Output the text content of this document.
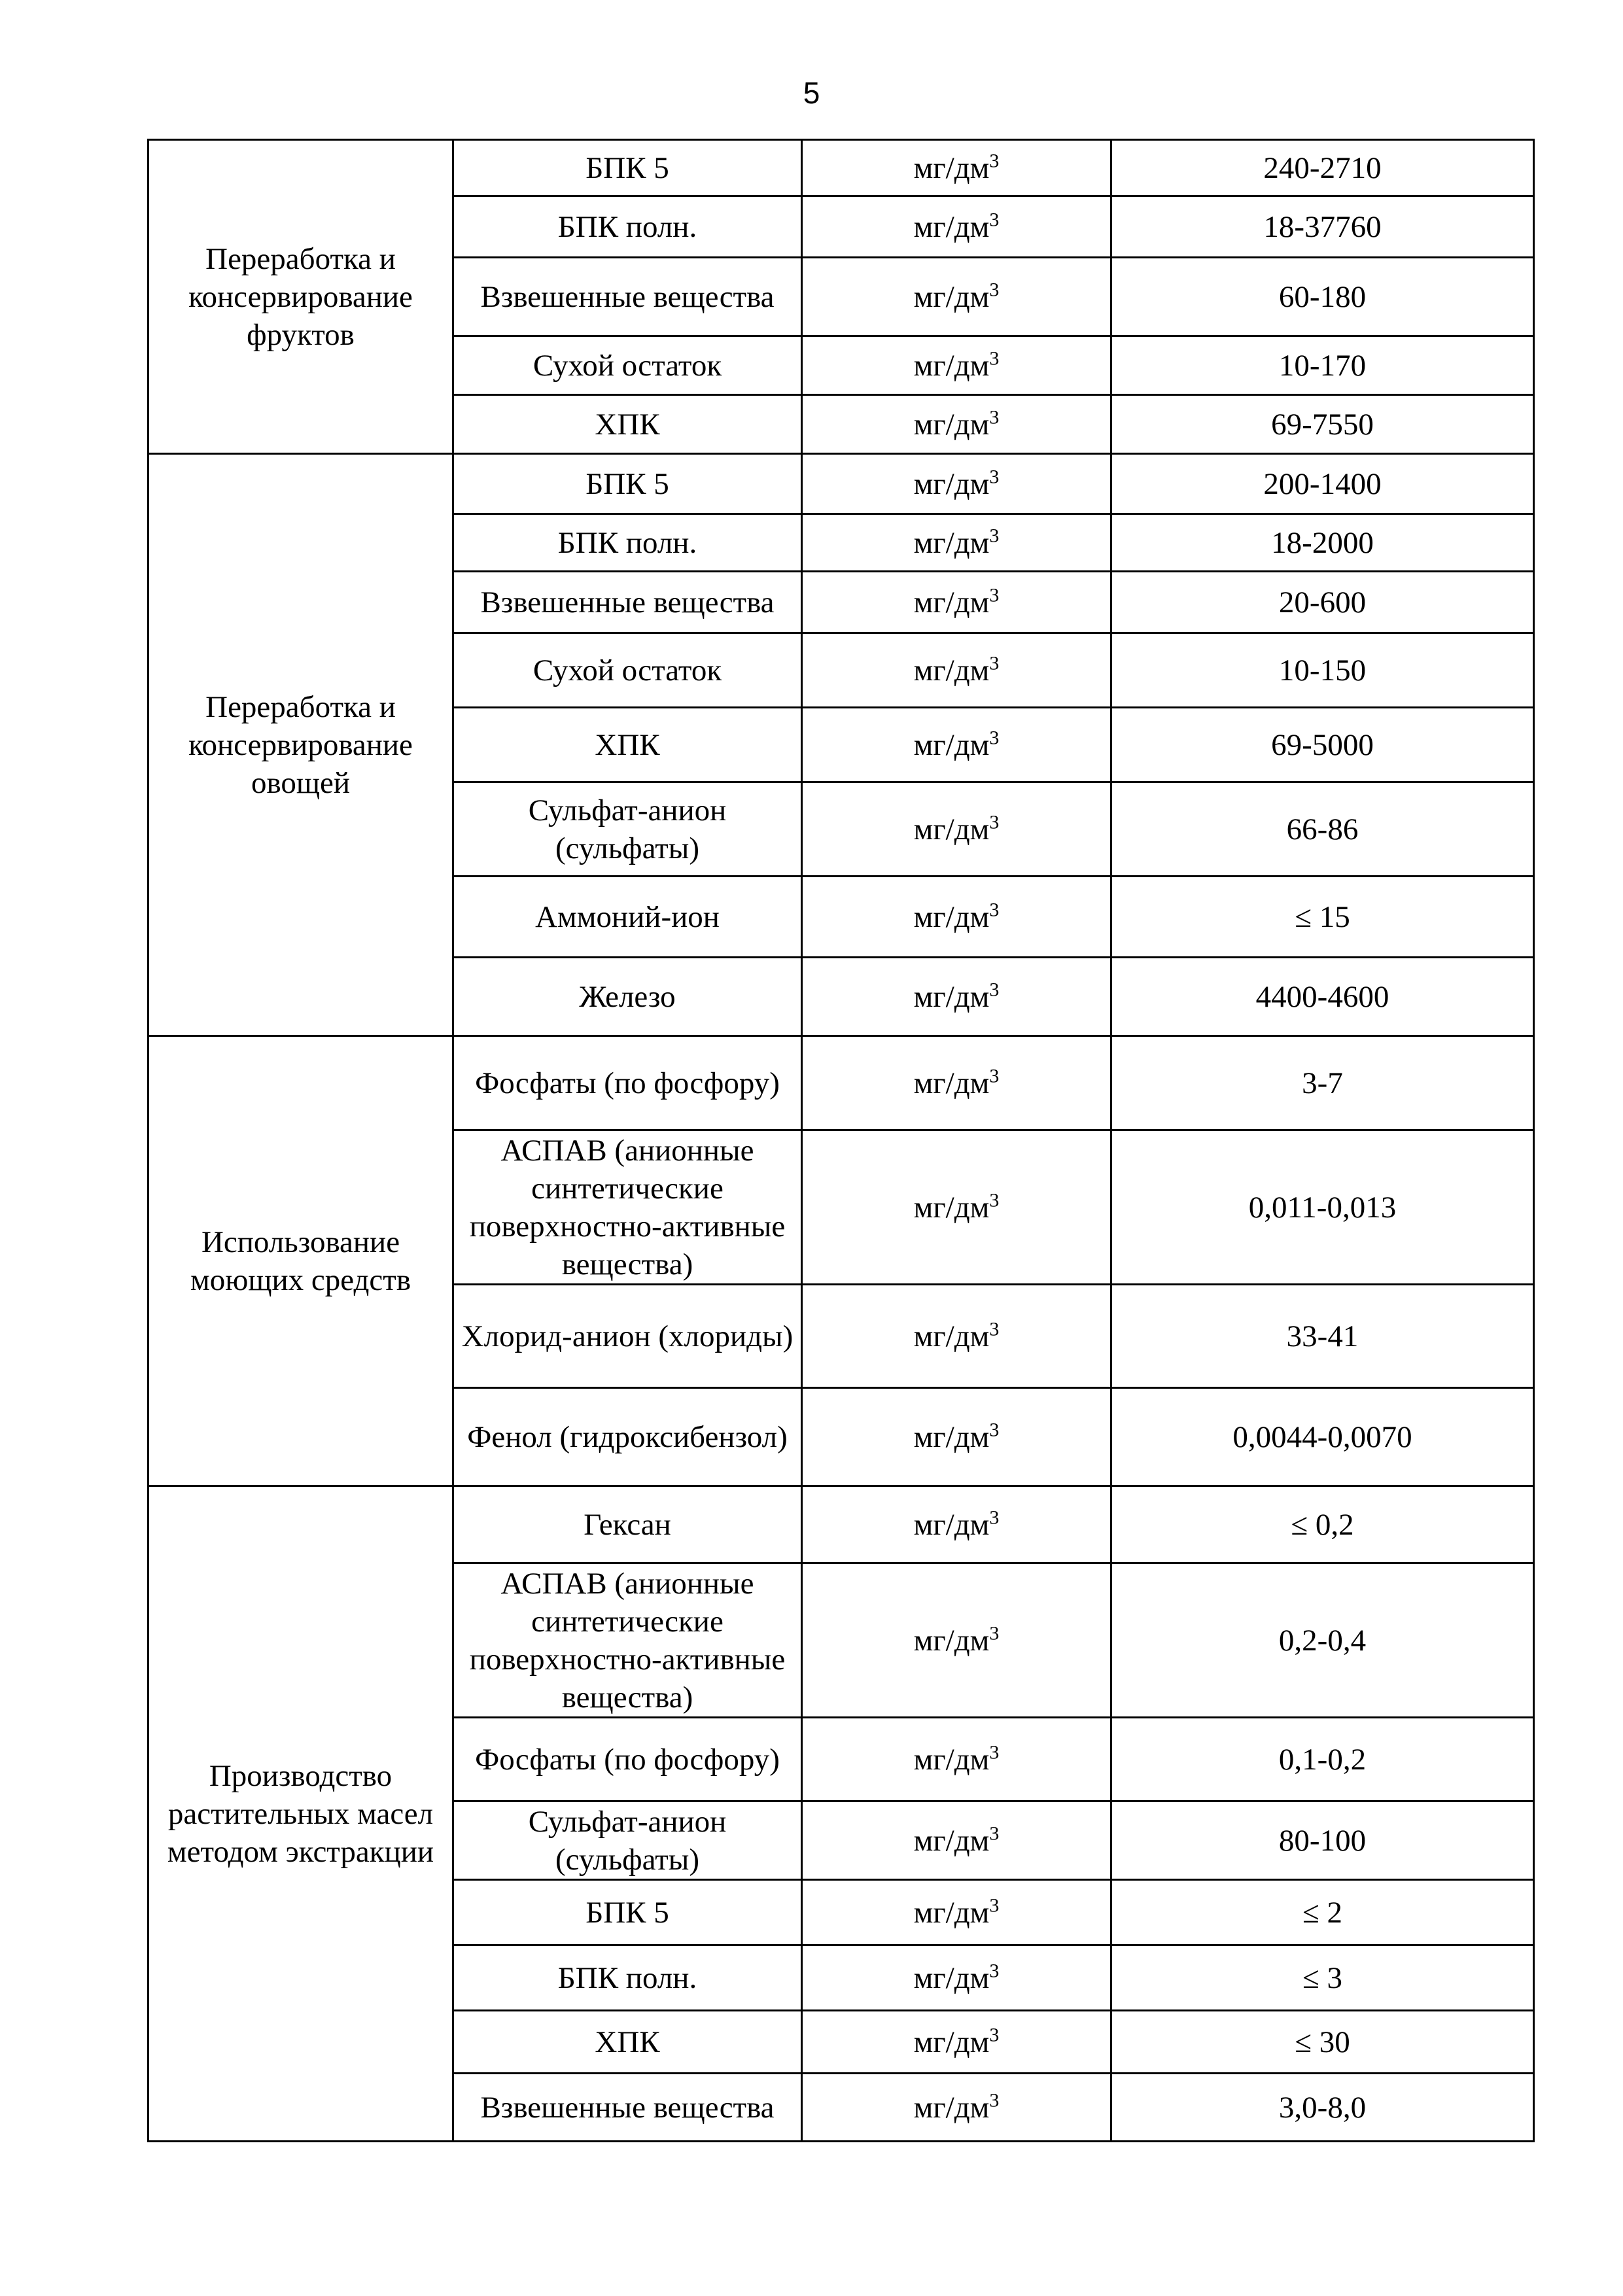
5
Переработка и консервирование фруктов	БПК 5	$мг/дм^3$	240-2710
	БПК полн.	$мг/дм^3$	18-37760
	Взвешенные вещества	$мг/дм^3$	60-180
	Сухой остаток	$мг/дм^3$	10-170
	ХПК	$мг/дм^3$	69-7550
Переработка и консервирование овощей	БПК 5	$мг/дм^3$	200-1400
	БПК полн.	$мг/дм^3$	18-2000
	Взвешенные вещества	$мг/дм^3$	20-600
	Сухой остаток	$мг/дм^3$	10-150
	ХПК	$мг/дм^3$	69-5000
	Сульфат-анион (сульфаты)	$мг/дм^3$	66-86
	Аммоний-ион	$мг/дм^3$	≤ 15
	Железо	$мг/дм^3$	4400-4600
Использование моющих средств	Фосфаты (по фосфору)	$мг/дм^3$	3-7
	АСПАВ (анионные синтетические поверхностно-активные вещества)	$мг/дм^3$	0,011-0,013
	Хлорид-анион (хлориды)	$мг/дм^3$	33-41
	Фенол (гидроксибензол)	$мг/дм^3$	0,0044-0,0070
Производство растительных масел методом экстракции	Гексан	$мг/дм^3$	≤ 0,2
	АСПАВ (анионные синтетические поверхностно-активные вещества)	$мг/дм^3$	0,2-0,4
	Фосфаты (по фосфору)	$мг/дм^3$	0,1-0,2
	Сульфат-анион (сульфаты)	$мг/дм^3$	80-100
	БПК 5	$мг/дм^3$	≤ 2
	БПК полн.	$мг/дм^3$	≤ 3
	ХПК	$мг/дм^3$	≤ 30
	Взвешенные вещества	$мг/дм^3$	3,0-8,0
